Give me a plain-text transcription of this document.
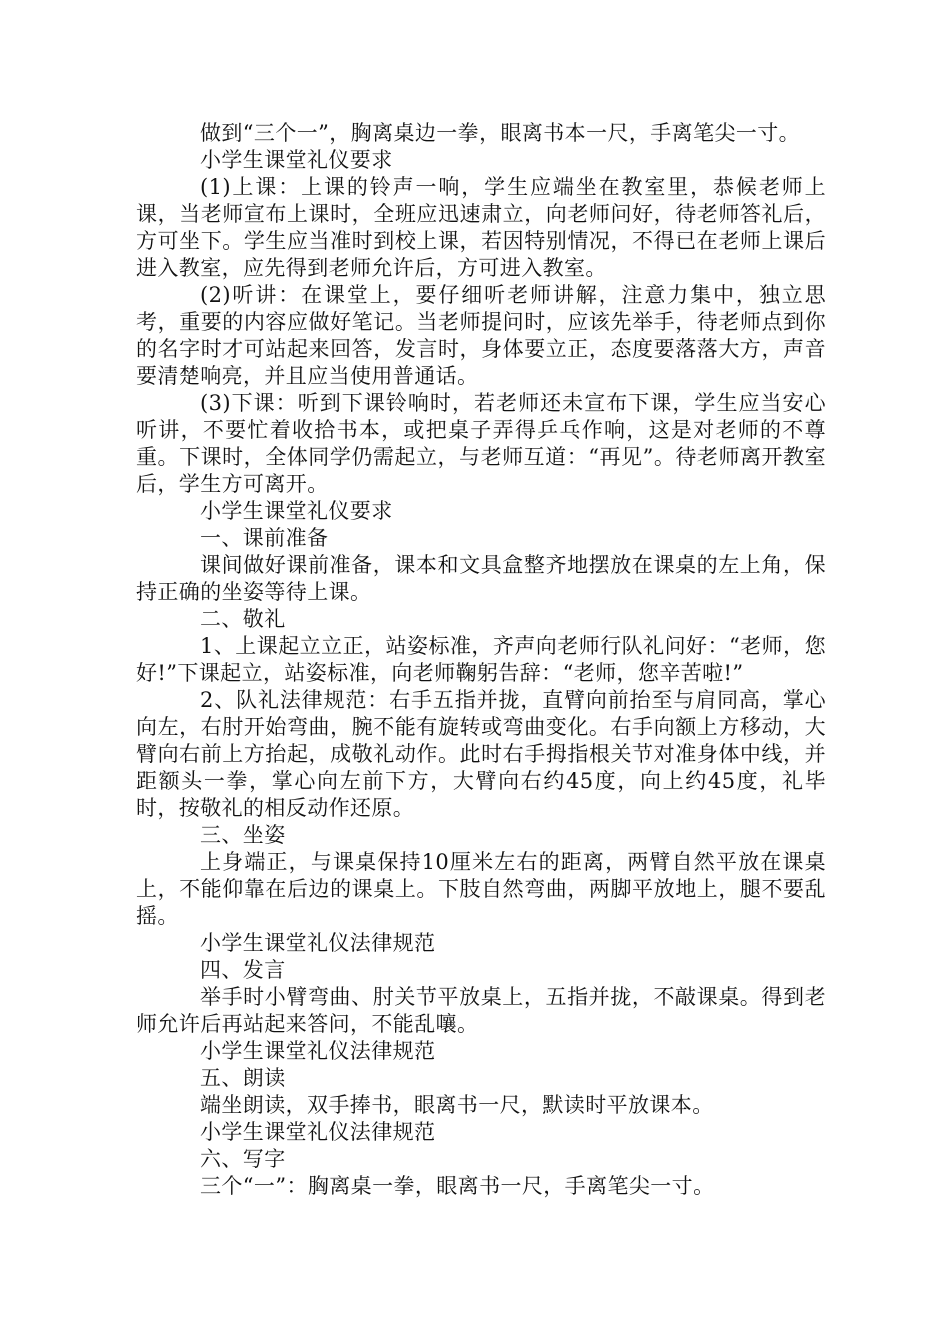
做到“三个一”，胸离桌边一拳，眼离书本一尺，手离笔尖一寸。

小学生课堂礼仪要求

(1)上课：上课的铃声一响，学生应端坐在教室里，恭候老师上课，当老师宣布上课时，全班应迅速肃立，向老师问好，待老师答礼后，方可坐下。学生应当准时到校上课，若因特别情况，不得已在老师上课后进入教室，应先得到老师允许后，方可进入教室。

(2)听讲：在课堂上，要仔细听老师讲解，注意力集中，独立思考，重要的内容应做好笔记。当老师提问时，应该先举手，待老师点到你的名字时才可站起来回答，发言时，身体要立正，态度要落落大方，声音要清楚响亮，并且应当使用普通话。

(3)下课：听到下课铃响时，若老师还未宣布下课，学生应当安心听讲，不要忙着收拾书本，或把桌子弄得乒乓作响，这是对老师的不尊重。下课时，全体同学仍需起立，与老师互道：“再见”。待老师离开教室后，学生方可离开。

小学生课堂礼仪要求

一、课前准备

课间做好课前准备，课本和文具盒整齐地摆放在课桌的左上角，保持正确的坐姿等待上课。

二、敬礼

1、上课起立立正，站姿标准，齐声向老师行队礼问好：“老师，您好!”下课起立，站姿标准，向老师鞠躬告辞：“老师，您辛苦啦!”

2、队礼法律规范：右手五指并拢，直臂向前抬至与肩同高，掌心向左，右肘开始弯曲，腕不能有旋转或弯曲变化。右手向额上方移动，大臂向右前上方抬起，成敬礼动作。此时右手拇指根关节对准身体中线，并距额头一拳，掌心向左前下方，大臂向右约45度，向上约45度，礼毕时，按敬礼的相反动作还原。

三、坐姿

上身端正，与课桌保持10厘米左右的距离，两臂自然平放在课桌上，不能仰靠在后边的课桌上。下肢自然弯曲，两脚平放地上，腿不要乱摇。

小学生课堂礼仪法律规范

四、发言

举手时小臂弯曲、肘关节平放桌上，五指并拢，不敲课桌。得到老师允许后再站起来答问，不能乱嚷。

小学生课堂礼仪法律规范

五、朗读

端坐朗读，双手捧书，眼离书一尺，默读时平放课本。

小学生课堂礼仪法律规范

六、写字

三个“一”：胸离桌一拳，眼离书一尺，手离笔尖一寸。
